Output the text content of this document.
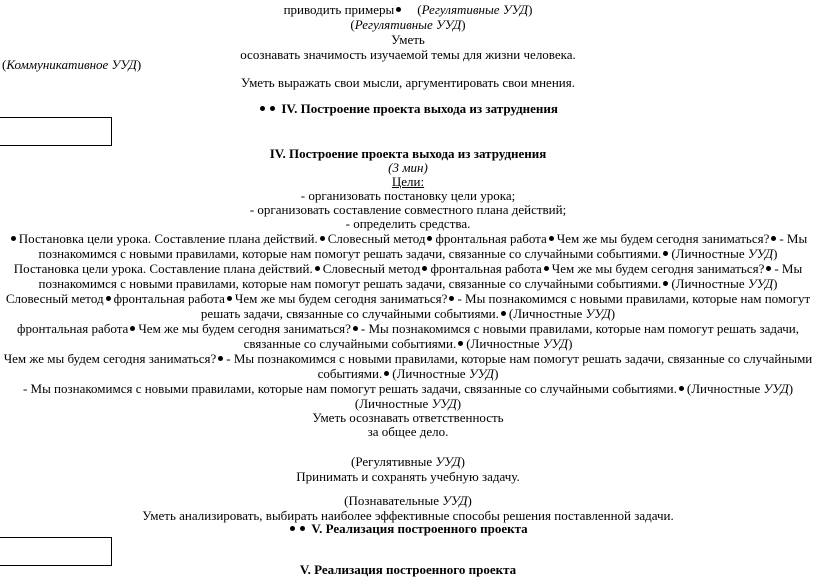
приводить примеры (Регулятивные УУД)
(Регулятивные УУД)
Уметь
осознавать значимость изучаемой темы для жизни человека.
(Коммуникативное УУД)
Уметь выражать свои мысли, аргументировать свои мнения.
IV. Построение проекта выхода из затруднения
IV. Построение проекта выхода из затруднения
(3 мин)
Цели:
- организовать постановку цели урока;
- организовать составление совместного плана действий;
- определить средства.
Постановка цели урока. Составление плана действий. Словесный метод фронтальная работа Чем же мы будем сегодня заниматься? - Мы
познакомимся с новыми правилами, которые нам помогут решать задачи, связанные со случайными событиями. (Личностные УУД)
Постановка цели урока. Составление плана действий. Словесный метод фронтальная работа Чем же мы будем сегодня заниматься? - Мы
познакомимся с новыми правилами, которые нам помогут решать задачи, связанные со случайными событиями. (Личностные УУД)
Словесный метод фронтальная работа Чем же мы будем сегодня заниматься? - Мы познакомимся с новыми правилами, которые нам помогут
решать задачи, связанные со случайными событиями. (Личностные УУД)
фронтальная работа Чем же мы будем сегодня заниматься? - Мы познакомимся с новыми правилами, которые нам помогут решать задачи,
связанные со случайными событиями. (Личностные УУД)
Чем же мы будем сегодня заниматься? - Мы познакомимся с новыми правилами, которые нам помогут решать задачи, связанные со случайными
событиями. (Личностные УУД)
- Мы познакомимся с новыми правилами, которые нам помогут решать задачи, связанные со случайными событиями. (Личностные УУД)
(Личностные УУД)
Уметь осознавать ответственность
за общее дело.
(Регулятивные УУД)
Принимать и сохранять учебную задачу.
(Познавательные УУД)
Уметь анализировать, выбирать наиболее эффективные способы решения поставленной задачи.
V. Реализация построенного проекта
V. Реализация построенного проекта
